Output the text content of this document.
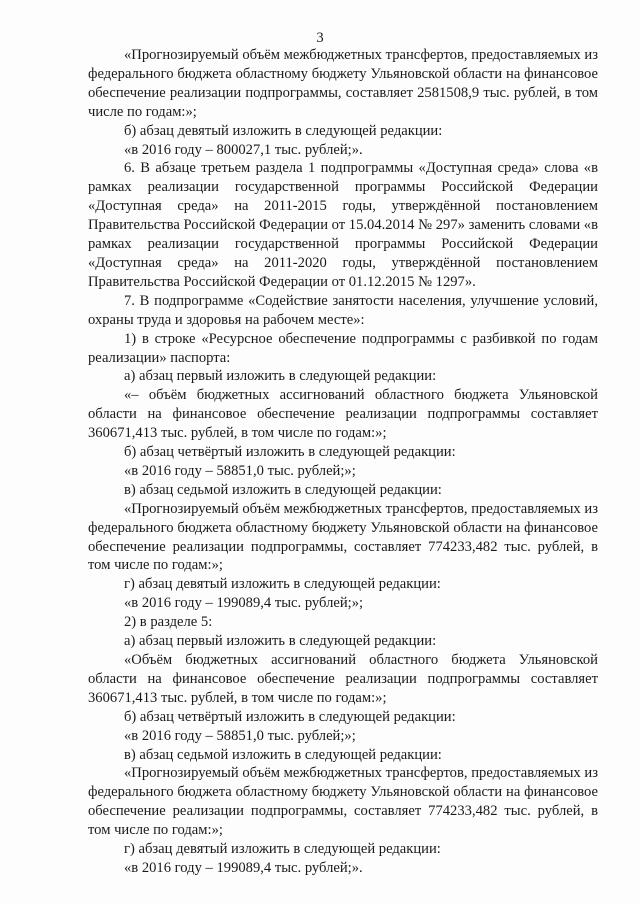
3

«Прогнозируемый объём межбюджетных трансфертов, предоставляемых из федерального бюджета областному бюджету Ульяновской области на финансовое обеспечение реализации подпрограммы, составляет 2581508,9 тыс. рублей, в том числе по годам:»;

б) абзац девятый изложить в следующей редакции:

«в 2016 году – 800027,1 тыс. рублей;».

6. В абзаце третьем раздела 1 подпрограммы «Доступная среда» слова «в рамках реализации государственной программы Российской Федерации «Доступная среда» на 2011-2015 годы, утверждённой постановлением Правительства Российской Федерации от 15.04.2014 № 297» заменить словами «в рамках реализации государственной программы Российской Федерации «Доступная среда» на 2011-2020 годы, утверждённой постановлением Правительства Российской Федерации от 01.12.2015 № 1297».

7. В подпрограмме «Содействие занятости населения, улучшение условий, охраны труда и здоровья на рабочем месте»:

1) в строке «Ресурсное обеспечение подпрограммы с разбивкой по годам реализации» паспорта:

а) абзац первый изложить в следующей редакции:

«– объём бюджетных ассигнований областного бюджета Ульяновской области на финансовое обеспечение реализации подпрограммы составляет 360671,413 тыс. рублей, в том числе по годам:»;

б) абзац четвёртый изложить в следующей редакции:

«в 2016 году – 58851,0 тыс. рублей;»;

в) абзац седьмой изложить в следующей редакции:

«Прогнозируемый объём межбюджетных трансфертов, предоставляемых из федерального бюджета областному бюджету Ульяновской области на финансовое обеспечение реализации подпрограммы, составляет 774233,482 тыс. рублей, в том числе по годам:»;

г) абзац девятый изложить в следующей редакции:

«в 2016 году – 199089,4 тыс. рублей;»;

2) в разделе 5:

а) абзац первый изложить в следующей редакции:

«Объём бюджетных ассигнований областного бюджета Ульяновской области на финансовое обеспечение реализации подпрограммы составляет 360671,413 тыс. рублей, в том числе по годам:»;

б) абзац четвёртый изложить в следующей редакции:

«в 2016 году – 58851,0 тыс. рублей;»;

в) абзац седьмой изложить в следующей редакции:

«Прогнозируемый объём межбюджетных трансфертов, предоставляемых из федерального бюджета областному бюджету Ульяновской области на финансовое обеспечение реализации подпрограммы, составляет 774233,482 тыс. рублей, в том числе по годам:»;

г) абзац девятый изложить в следующей редакции:

«в 2016 году – 199089,4 тыс. рублей;».
